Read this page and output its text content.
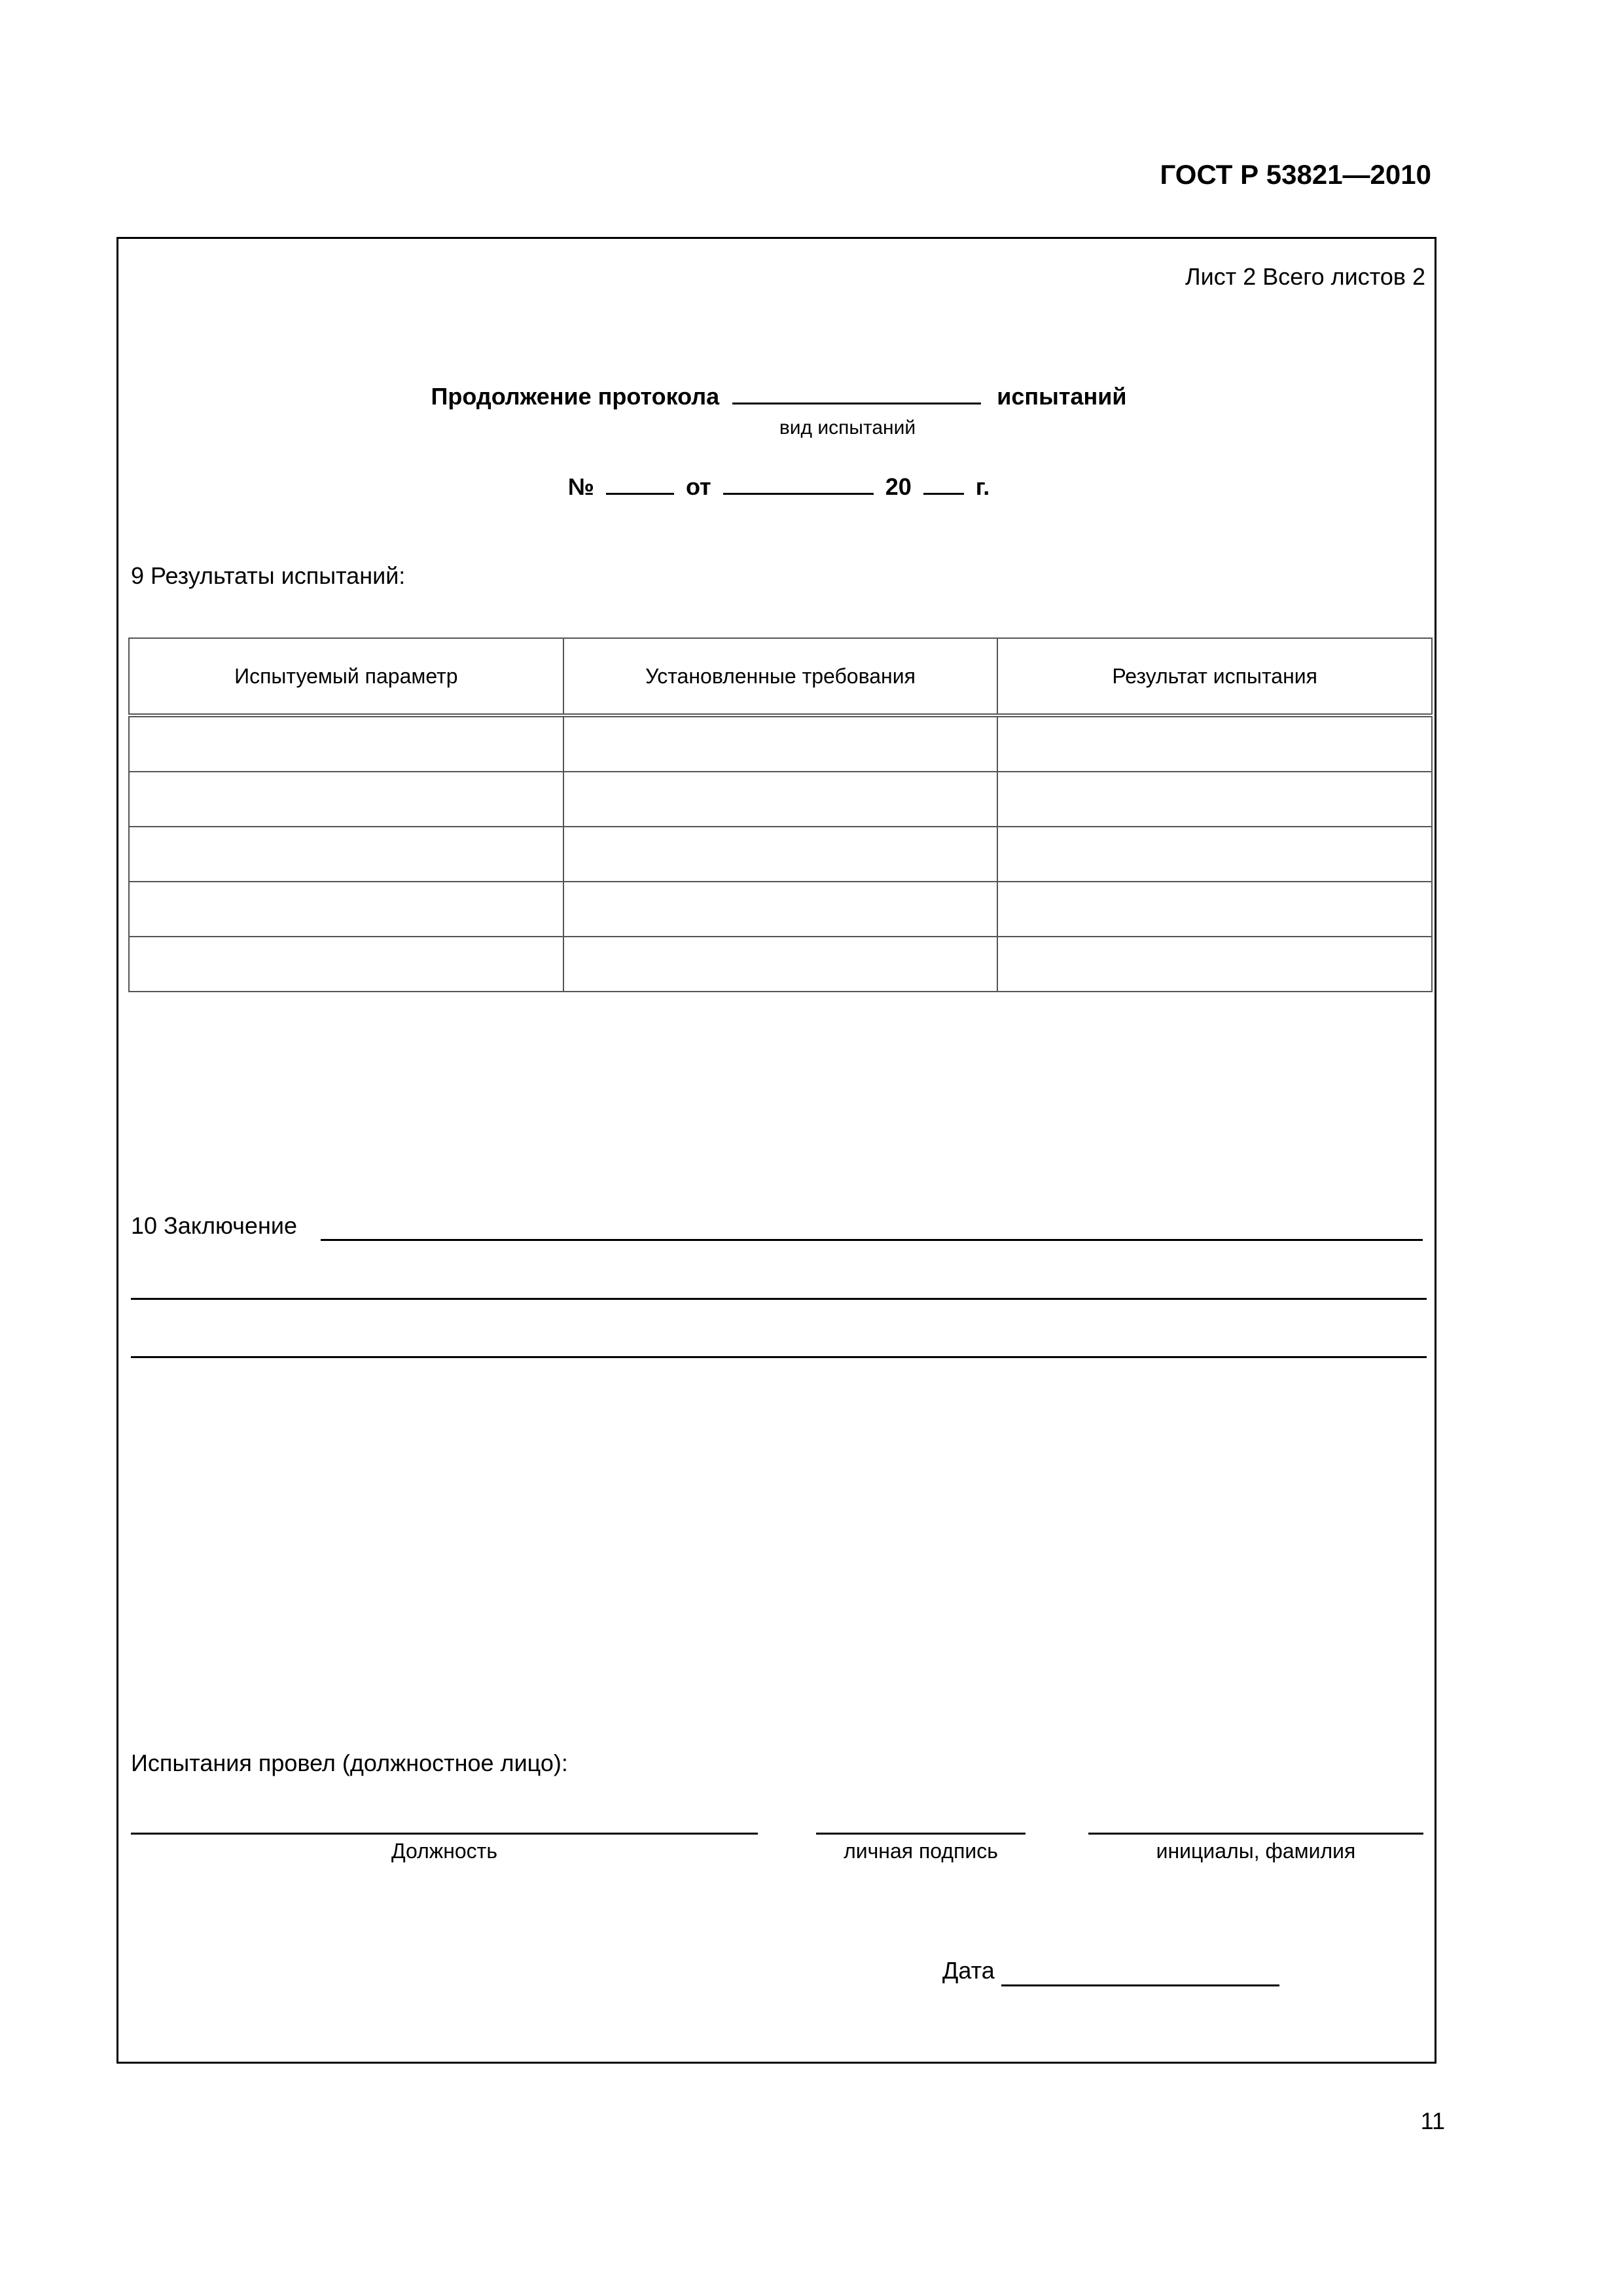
ГОСТ Р 53821—2010
Лист 2 Всего листов 2
Продолжение протокола	испытаний
вид испытаний
№	от	20	г.
9 Результаты испытаний:
Испытуемый параметр	Установленные требования	Результат испытания

10 Заключение
Испытания провел (должностное лицо):
Должность	личная подпись	инициалы, фамилия
Дата
11
